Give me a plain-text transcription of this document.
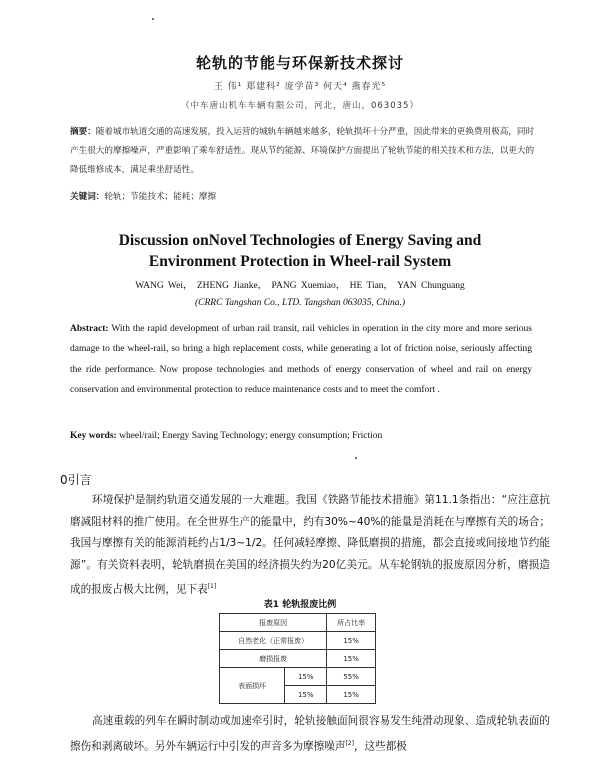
轮轨的节能与环保新技术探讨
王 伟¹ 郑建科² 庞学苗³ 何天⁴ 燕春光⁵
（中车唐山机车车辆有限公司，河北，唐山，063035）
摘要：随着城市轨道交通的高速发展，投入运营的城轨车辆越来越多，轮轨损坏十分严重，因此带来的更换费用极高，同时产生很大的摩擦噪声，严重影响了乘车舒适性。现从节约能源、环境保护方面提出了轮轨节能的相关技术和方法，以更大的降低维修成本，满足乘坐舒适性。
关键词：轮轨；节能技术；能耗；摩擦
Discussion onNovel Technologies of Energy Saving and
Environment Protection in Wheel-rail System
WANG Wei， ZHENG Jianke， PANG Xuemiao， HE Tian， YAN Chunguang
(CRRC Tangshan Co., LTD. Tangshan 063035, China.)
Abstract: With the rapid development of urban rail transit, rail vehicles in operation in the city more and more serious damage to the wheel-rail, so bring a high replacement costs, while generating a lot of friction noise, seriously affecting the ride performance. Now propose technologies and methods of energy conservation of wheel and rail on energy conservation and environmental protection to reduce maintenance costs and to meet the comfort .
Key words: wheel/rail; Energy Saving Technology; energy consumption; Friction
0引言
环境保护是制约轨道交通发展的一大难题。我国《铁路节能技术措施》第11.1条指出：“应注意抗磨减阻材料的推广使用。在全世界生产的能量中，约有30%~40%的能量是消耗在与摩擦有关的场合；我国与摩擦有关的能源消耗约占1/3~1/2。任何减轻摩擦、降低磨损的措施，都会直接或间接地节约能源”。有关资料表明，轮轨磨损在美国的经济损失约为20亿美元。从车轮钢轨的报废原因分析，磨损造成的报废占极大比例，见下表[1]
表1 轮轨报废比例
报废原因		所占比率
自然老化（正常报废）		15%
磨损报废		15%
表面损坏	15%	55%
	15%	15%
高速重载的列车在瞬时制动或加速牵引时，轮轨接触面间很容易发生纯滑动现象、造成轮轨表面的擦伤和剥离破坏。另外车辆运行中引发的声音多为摩擦噪声[2]，这些都极
